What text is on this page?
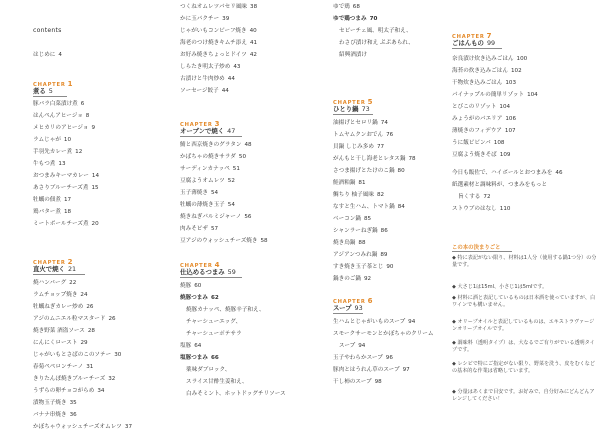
contents
はじめに 4
CHAPTER 1
煮る 5
豚バラ白菜漬け煮 6
はんぺんアヒージョ 8
メヒカリのアヒージョ 9
ラムじゃが 10
手羽先カレー煮 12
牛もつ煮 13
おつまみキーマカレー 14
あさりブルーチーズ煮 15
牡蠣の佃煮 17
鶏バター煮 18
ミートボールチーズ煮 20
CHAPTER 2
直火で焼く 21
焼ハンバーグ 22
ラムチョップ焼き 24
牡蠣ねぎカレー炒め 26
アジのムニエル粒マスタード 26
焼き野菜 酒盗ソース 28
にんにくロースト 29
じゃがいもとさばのこのソテー 30
春菊ペペロンチーノ 31
きりたんぽ焼きブルーチーズ 32
うずらの卵チョコがらめ 34
漬物玉子焼き 35
バナナ串焼き 36
かぼちゃウォッシュチーズオムレツ 37
つくねオムレツパセリ風味 38
かに玉パクチー 39
じゃがいもコンビーフ焼き 40
海老のつけ焼きキムチ添え 41
お好み焼きちょっとドイツ 42
しらたき明太子炒め 43
古漬けと牛肉炒め 44
ソーセージ餃子 44
CHAPTER 3
オーブンで焼く 47
鯖と西京焼きのグラタン 48
かばちゃの焼きサラダ 50
サーディンカナッペ 51
豆腐ようオムレツ 52
玉子薄焼き 54
牡蠣の薄焼き玉子 54
焼きねぎパルミジャーノ 56
肉みそピザ 57
豆アジのウォッシュチーズ焼き 58
CHAPTER 4
仕込めるつまみ 59
焼豚 60
焼豚つまみ 62
焼豚カナッペ、焼豚辛子和え、
チャーシューエッグ、
チャーシューポテサラ
塩豚 64
塩豚つまみ 66
薬味ダブロック、
スライス甘酢生姜和え、
白みそミント、ホットドッグチリソース
ゆで鶏 68
ゆで鶏つまみ 70
セビーチェ風、明太子和え、
わさび漬け和え ぷぷあられ、
紹興酒漬け
CHAPTER 5
ひとり鍋 73
油揚げとセロリ鍋 74
トムヤムクンおでん 76
貝鍋 しじみ多め 77
がんもと干し海老とレタス鍋 78
さつま揚げとたけのこ鍋 80
鮭酒粕鍋 81
鯛ちり 柚子風味 82
なすと生ハム、トマト鍋 84
ベーコン鍋 85
シャンラーねぎ鍋 86
焼き鳥鍋 88
アジアンつみれ鍋 89
すき焼き玉子茶とじ 90
鍋きのご鍋 92
CHAPTER 6
スープ 93
生ハムとじゃがいものスープ 94
スモークサーモンとかぼちゃのクリーム
スープ 94
玉子やわらかスープ 96
豚肉とはうれん草のスープ 97
干し柿のスープ 98
CHAPTER 7
ごはんもの 99
奈良漬け炊き込みごはん 100
海苔の炊き込みごはん 102
干物炊き込みごはん 103
パイナップルの簡単リゾット 104
とびこのリゾット 104
みょうがのパエリア 106
薄焼きのフィデウア 107
うに飯ビビンバ 108
豆腐よう焼きそば 109
今日も飯佐で、ハイボールとおつまみを 46
紙選素材と調味料が、つまみをもっと
旨くする 72
ストウブのはなし 110
この本の決まりごと
◆ 特に表記がない限り、材料は1人分（使用する鍋1つ分）の分量です。
◆ 大さじ1は15ml、小さじ1は5mlです。
◆ 材料に酒と表記しているものは日本酒を使っていますが、白ワインでも構いません。
◆ オリーブオイルと表記しているものは、エキストラヴァージンオリーブオイルです。
◆ 調味料（透明タイプ）は、大なるでご有りがでいる透明タイプです。
◆ レシピで特にご指定がない限り、野菜を洗う、皮をむくなどの基本的な作業は省略しています。
◆ 分量はあくまで目安です。お好みで、自分好みにどんどんアレンジしてください！
